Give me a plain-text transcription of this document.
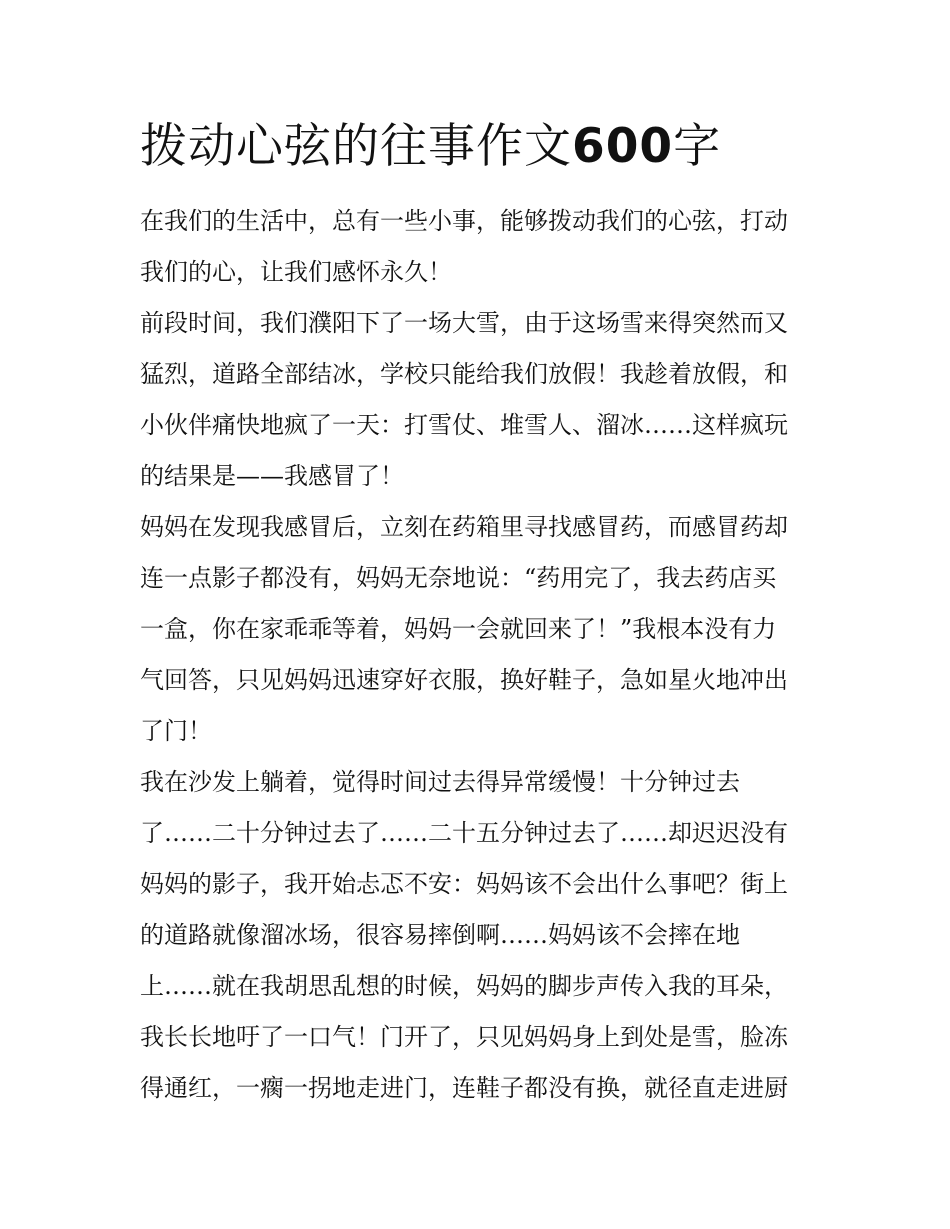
拨动心弦的往事作文600字
在我们的生活中，总有一些小事，能够拨动我们的心弦，打动
我们的心，让我们感怀永久！
前段时间，我们濮阳下了一场大雪，由于这场雪来得突然而又
猛烈，道路全部结冰，学校只能给我们放假！我趁着放假，和
小伙伴痛快地疯了一天：打雪仗、堆雪人、溜冰……这样疯玩
的结果是——我感冒了！
妈妈在发现我感冒后，立刻在药箱里寻找感冒药，而感冒药却
连一点影子都没有，妈妈无奈地说：“药用完了，我去药店买
一盒，你在家乖乖等着，妈妈一会就回来了！”我根本没有力
气回答，只见妈妈迅速穿好衣服，换好鞋子，急如星火地冲出
了门！
我在沙发上躺着，觉得时间过去得异常缓慢！十分钟过去
了……二十分钟过去了……二十五分钟过去了……却迟迟没有
妈妈的影子，我开始忐忑不安：妈妈该不会出什么事吧？街上
的道路就像溜冰场，很容易摔倒啊……妈妈该不会摔在地
上……就在我胡思乱想的时候，妈妈的脚步声传入我的耳朵，
我长长地吁了一口气！门开了，只见妈妈身上到处是雪，脸冻
得通红，一瘸一拐地走进门，连鞋子都没有换，就径直走进厨
